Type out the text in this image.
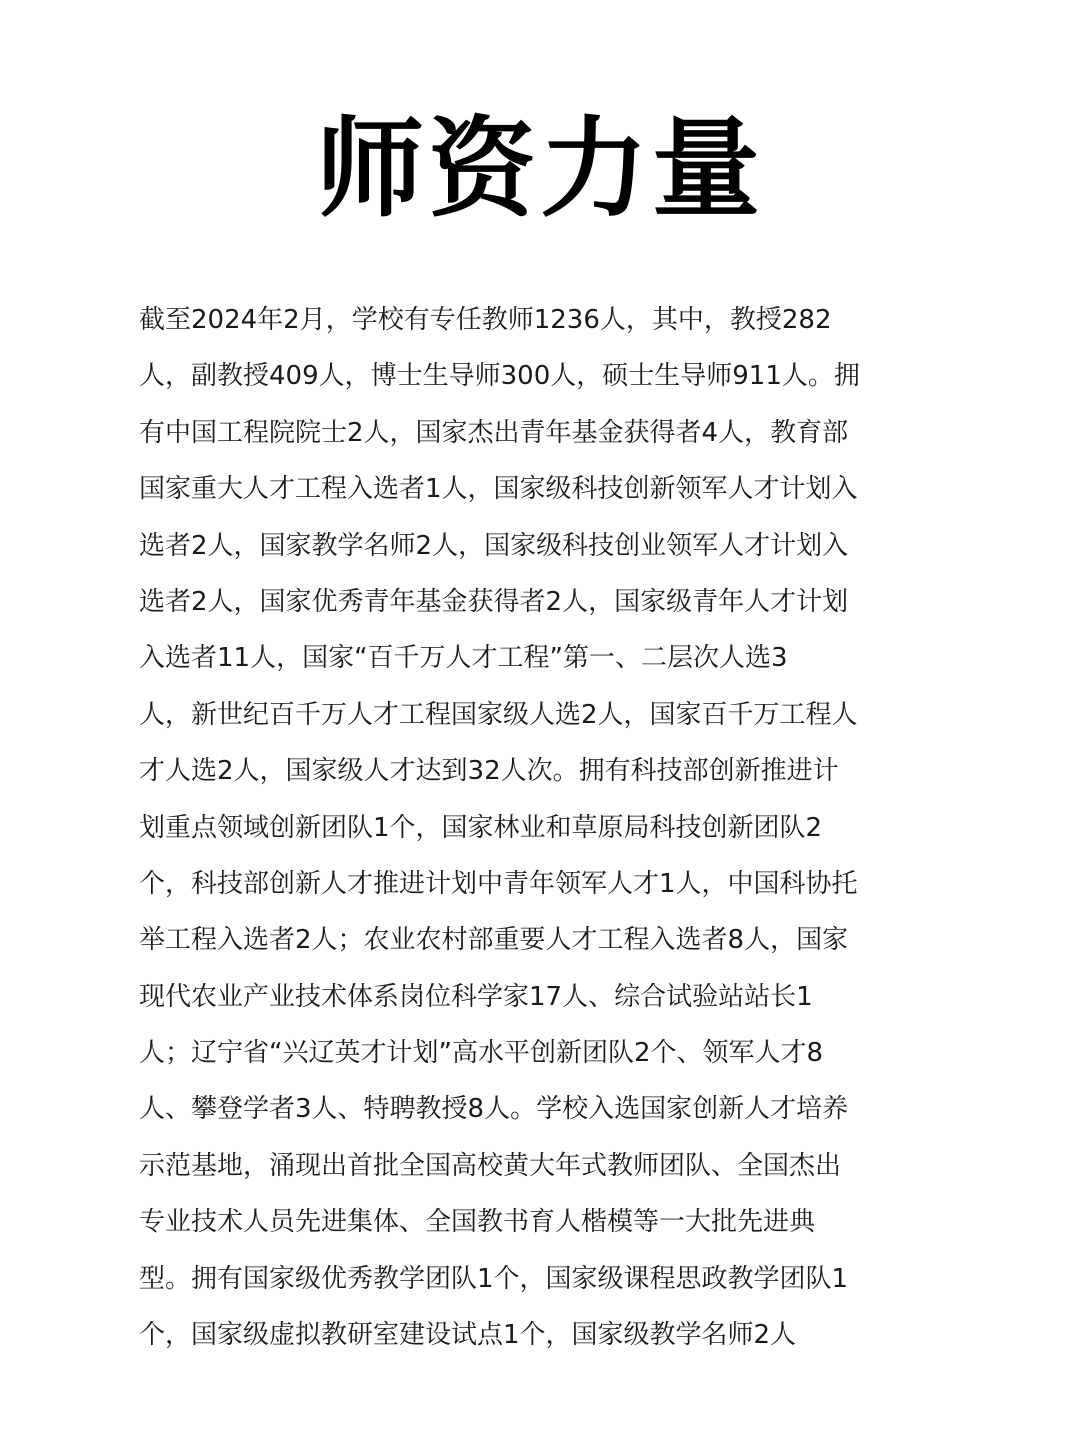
师资力量
截至2024年2月，学校有专任教师1236人，其中，教授282
人，副教授409人，博士生导师300人，硕士生导师911人。拥
有中国工程院院士2人，国家杰出青年基金获得者4人，教育部
国家重大人才工程入选者1人，国家级科技创新领军人才计划入
选者2人，国家教学名师2人，国家级科技创业领军人才计划入
选者2人，国家优秀青年基金获得者2人，国家级青年人才计划
入选者11人，国家“百千万人才工程”第一、二层次人选3
人，新世纪百千万人才工程国家级人选2人，国家百千万工程人
才人选2人，国家级人才达到32人次。拥有科技部创新推进计
划重点领域创新团队1个，国家林业和草原局科技创新团队2
个，科技部创新人才推进计划中青年领军人才1人，中国科协托
举工程入选者2人；农业农村部重要人才工程入选者8人，国家
现代农业产业技术体系岗位科学家17人、综合试验站站长1
人；辽宁省“兴辽英才计划”高水平创新团队2个、领军人才8
人、攀登学者3人、特聘教授8人。学校入选国家创新人才培养
示范基地，涌现出首批全国高校黄大年式教师团队、全国杰出
专业技术人员先进集体、全国教书育人楷模等一大批先进典
型。拥有国家级优秀教学团队1个，国家级课程思政教学团队1
个，国家级虚拟教研室建设试点1个，国家级教学名师2人
